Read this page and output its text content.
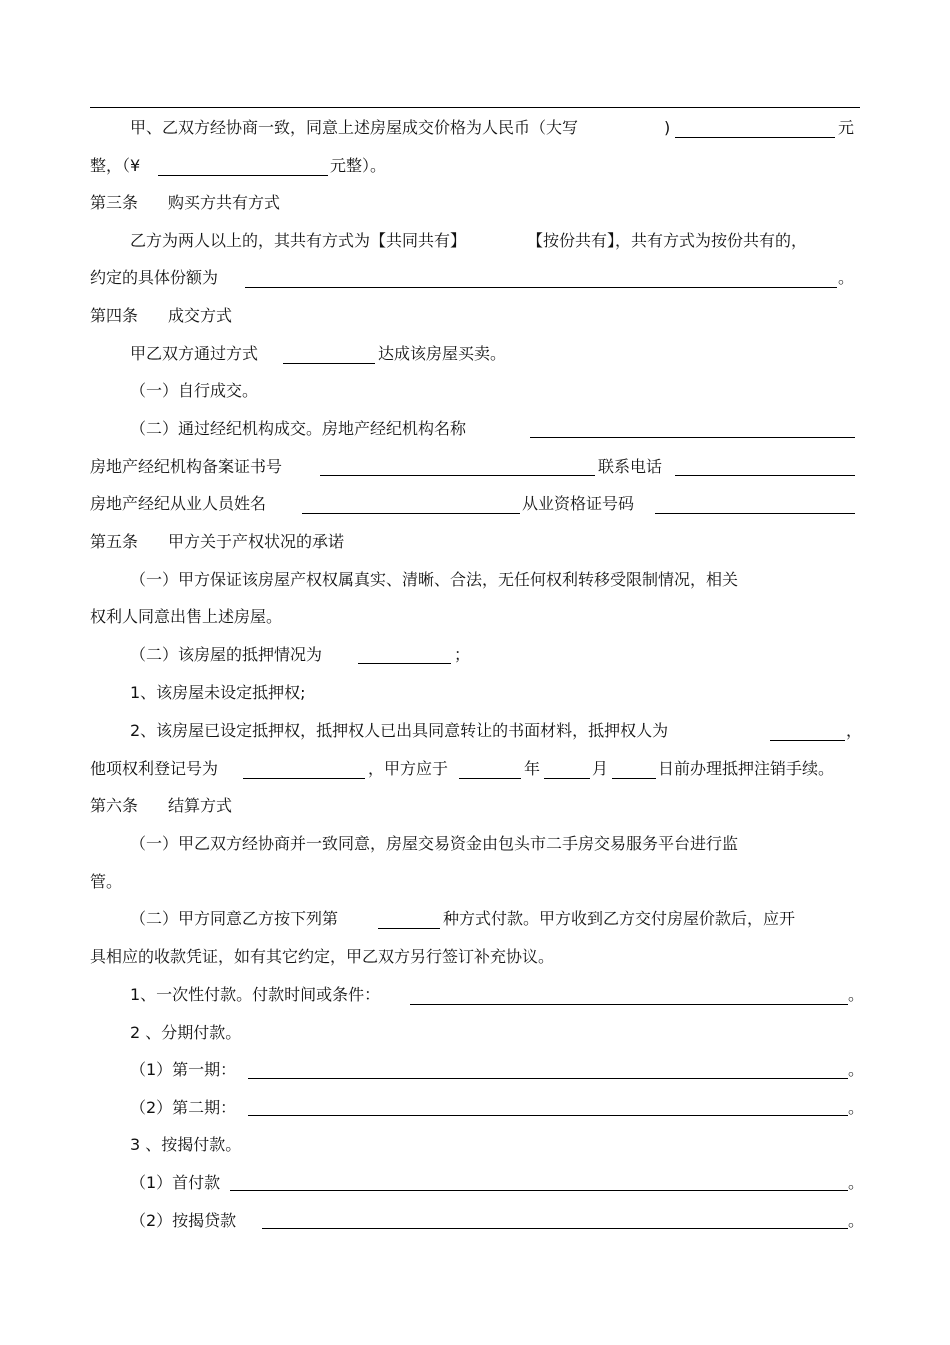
甲、乙双方经协商一致，同意上述房屋成交价格为人民币（大写	)	元
整，（¥	元整）。
第三条 购买方共有方式
乙方为两人以上的，其共有方式为【共同共有】	【按份共有】，共有方式为按份共有的，
约定的具体份额为	。
第四条 成交方式
甲乙双方通过方式	达成该房屋买卖。
（一）自行成交。
（二）通过经纪机构成交。房地产经纪机构名称
房地产经纪机构备案证书号	联系电话
房地产经纪从业人员姓名	从业资格证号码
第五条 甲方关于产权状况的承诺
（一）甲方保证该房屋产权权属真实、清晰、合法，无任何权利转移受限制情况，相关
权利人同意出售上述房屋。
（二）该房屋的抵押情况为	；
1、该房屋未设定抵押权;
2、该房屋已设定抵押权，抵押权人已出具同意转让的书面材料，抵押权人为	，
他项权利登记号为	，甲方应于	年	月	日前办理抵押注销手续。
第六条 结算方式
（一）甲乙双方经协商并一致同意，房屋交易资金由包头市二手房交易服务平台进行监
管。
（二）甲方同意乙方按下列第	种方式付款。甲方收到乙方交付房屋价款后，应开
具相应的收款凭证，如有其它约定，甲乙双方另行签订补充协议。
1、一次性付款。付款时间或条件：	。
2 、分期付款。
（1）第一期：	。
（2）第二期：	。
3 、按揭付款。
（1）首付款	。
（2）按揭贷款	。
